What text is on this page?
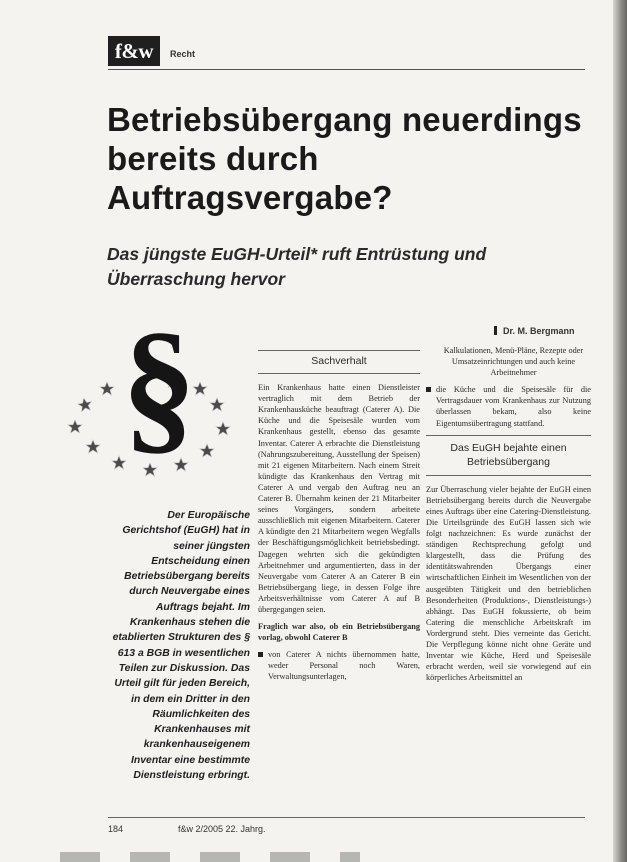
f&w	Recht
Betriebsübergang neuerdings bereits durch Auftragsvergabe?
Das jüngste EuGH-Urteil* ruft Entrüstung und Überraschung hervor
Dr. M. Bergmann
§

Der Europäische Gerichtshof (EuGH) hat in seiner jüngsten Entscheidung einen Betriebsübergang bereits durch Neuvergabe eines Auftrags bejaht. Im Krankenhaus stehen die etablierten Strukturen des § 613 a BGB in wesentlichen Teilen zur Diskussion. Das Urteil gilt für jeden Bereich, in dem ein Dritter in den Räumlichkeiten des Krankenhauses mit krankenhauseigenem Inventar eine bestimmte Dienstleistung erbringt.

Sachverhalt

Ein Krankenhaus hatte einen Dienstleister vertraglich mit dem Betrieb der Krankenhausküche beauftragt (Caterer A). Die Küche und die Speisesäle wurden vom Krankenhaus gestellt, ebenso das gesamte Inventar. Caterer A erbrachte die Dienstleistung (Nahrungszubereitung, Ausstellung der Speisen) mit 21 eigenen Mitarbeitern. Nach einem Streit kündigte das Krankenhaus den Vertrag mit Caterer A und vergab den Auftrag neu an Caterer B. Übernahm keinen der 21 Mitarbeiter seines Vorgängers, sondern arbeitete ausschließlich mit eigenen Mitarbeitern. Caterer A kündigte den 21 Mitarbeitern wegen Wegfalls der Beschäftigungsmöglichkeit betriebsbedingt. Dagegen wehrten sich die gekündigten Arbeitnehmer und argumentierten, dass in der Neuvergabe vom Caterer A an Caterer B ein Betriebsübergang liege, in dessen Folge ihre Arbeitsverhältnisse vom Caterer A auf B übergegangen seien.

Fraglich war also, ob ein Betriebsübergang vorlag, obwohl Caterer B

von Caterer A nichts übernommen hatte, weder Personal noch Waren, Verwaltungsunterlagen,

Kalkulationen, Menü-Pläne, Rezepte oder Umsatzeinrichtungen und auch keine Arbeitnehmer

die Küche und die Speisesäle für die Vertragsdauer vom Krankenhaus zur Nutzung überlassen bekam, also keine Eigentumsübertragung stattfand.

Das EuGH bejahte einen Betriebsübergang

Zur Überraschung vieler bejahte der EuGH einen Betriebsübergang bereits durch die Neuvergabe eines Auftrags über eine Catering-Dienstleistung. Die Urteilsgründe des EuGH lassen sich wie folgt nachzeichnen: Es wurde zunächst der ständigen Rechtsprechung gefolgt und klargestellt, dass die Prüfung des identitätswahrenden Übergangs einer wirtschaftlichen Einheit im Wesentlichen von der ausgeübten Tätigkeit und den betrieblichen Besonderheiten (Produktions-, Dienstleistungs-) abhängt. Das EuGH fokussierte, ob beim Catering die menschliche Arbeitskraft im Vordergrund steht. Dies verneinte das Gericht. Die Verpflegung könne nicht ohne Geräte und Inventar wie Küche, Herd und Speisesäle erbracht werden, weil sie vorwiegend auf ein körperliches Arbeitsmittel an

184	f&w 2/2005 22. Jahrg.
